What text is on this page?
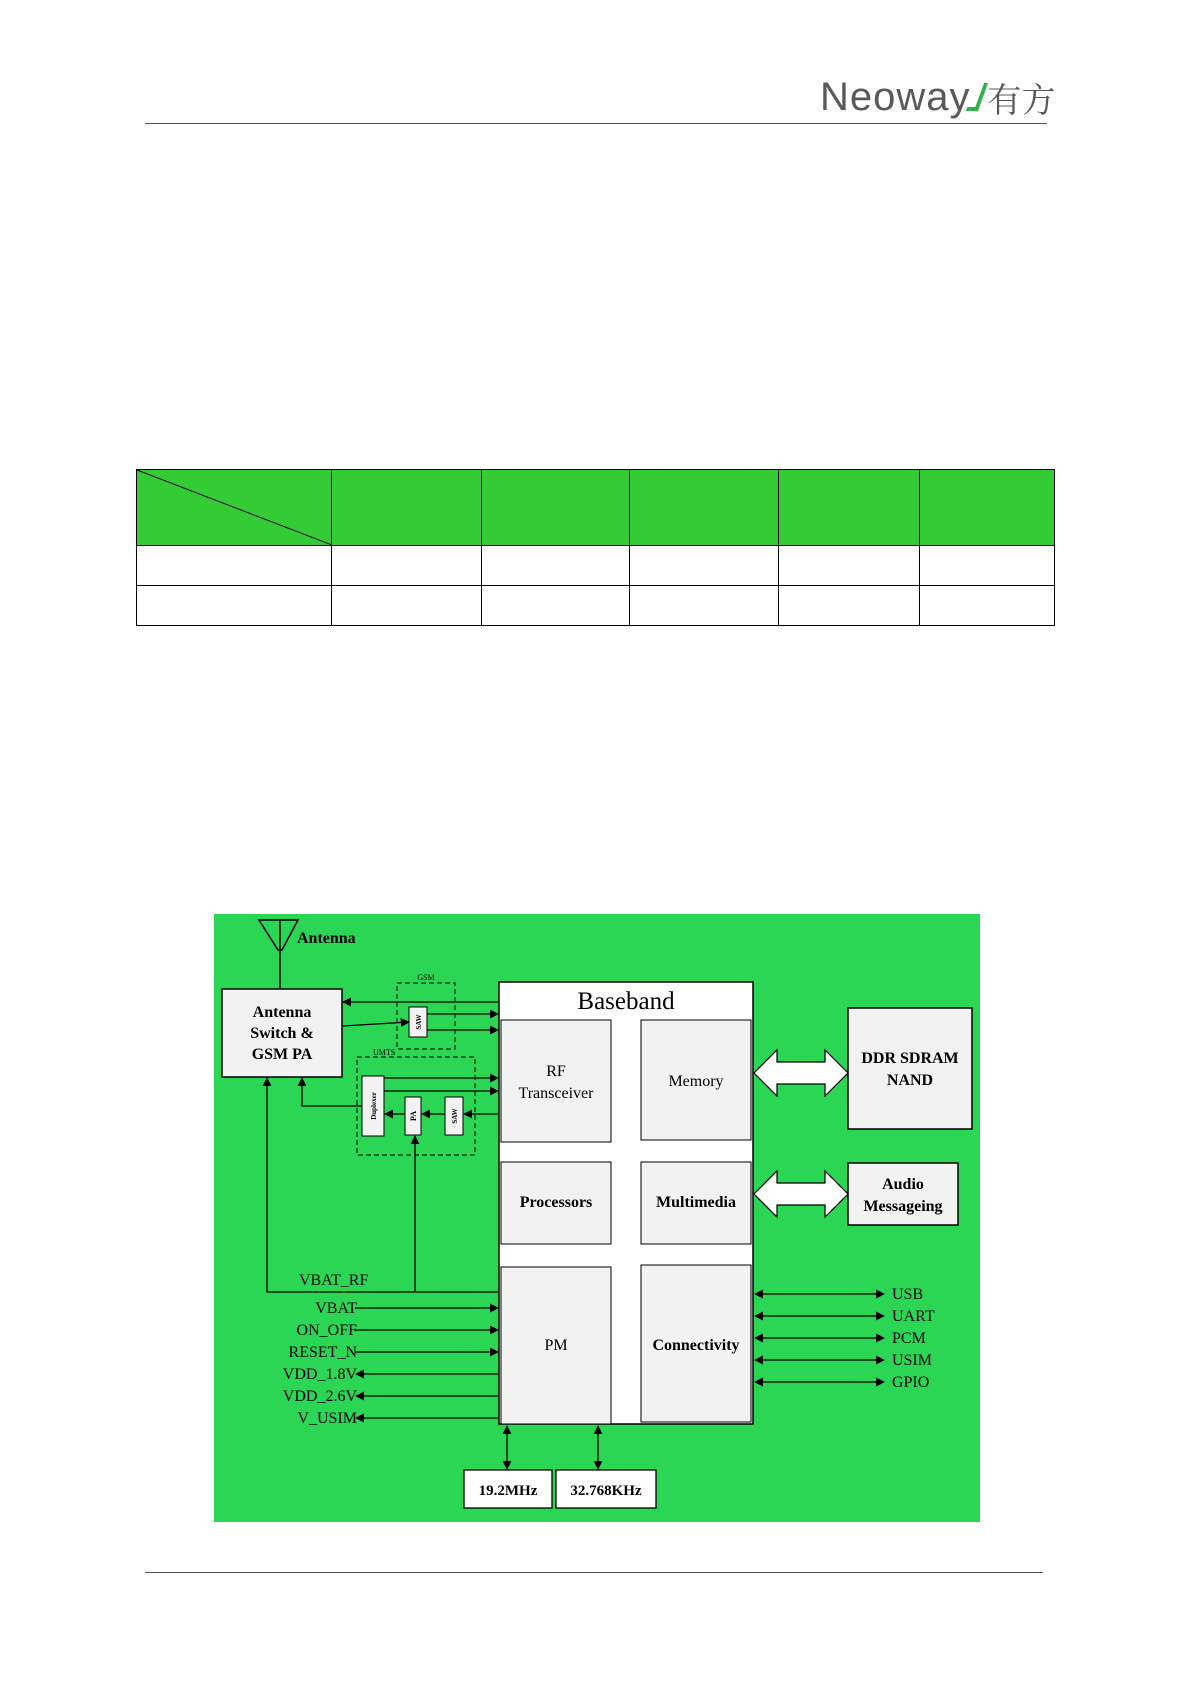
Neoway 有方

Antenna
Antenna
Switch &
GSM PA
GSM
SAW
UMTS
Duplexer	PA	SAW
Baseband
RF
Transceiver
Memory
Processors	Multimedia
PM	Connectivity
DDR SDRAM
NAND
Audio
Messageing
VBAT_RF
VBAT
ON_OFF
RESET_N
VDD_1.8V
VDD_2.6V
V_USIM
USB
UART
PCM
USIM
GPIO
19.2MHz 32.768KHz
